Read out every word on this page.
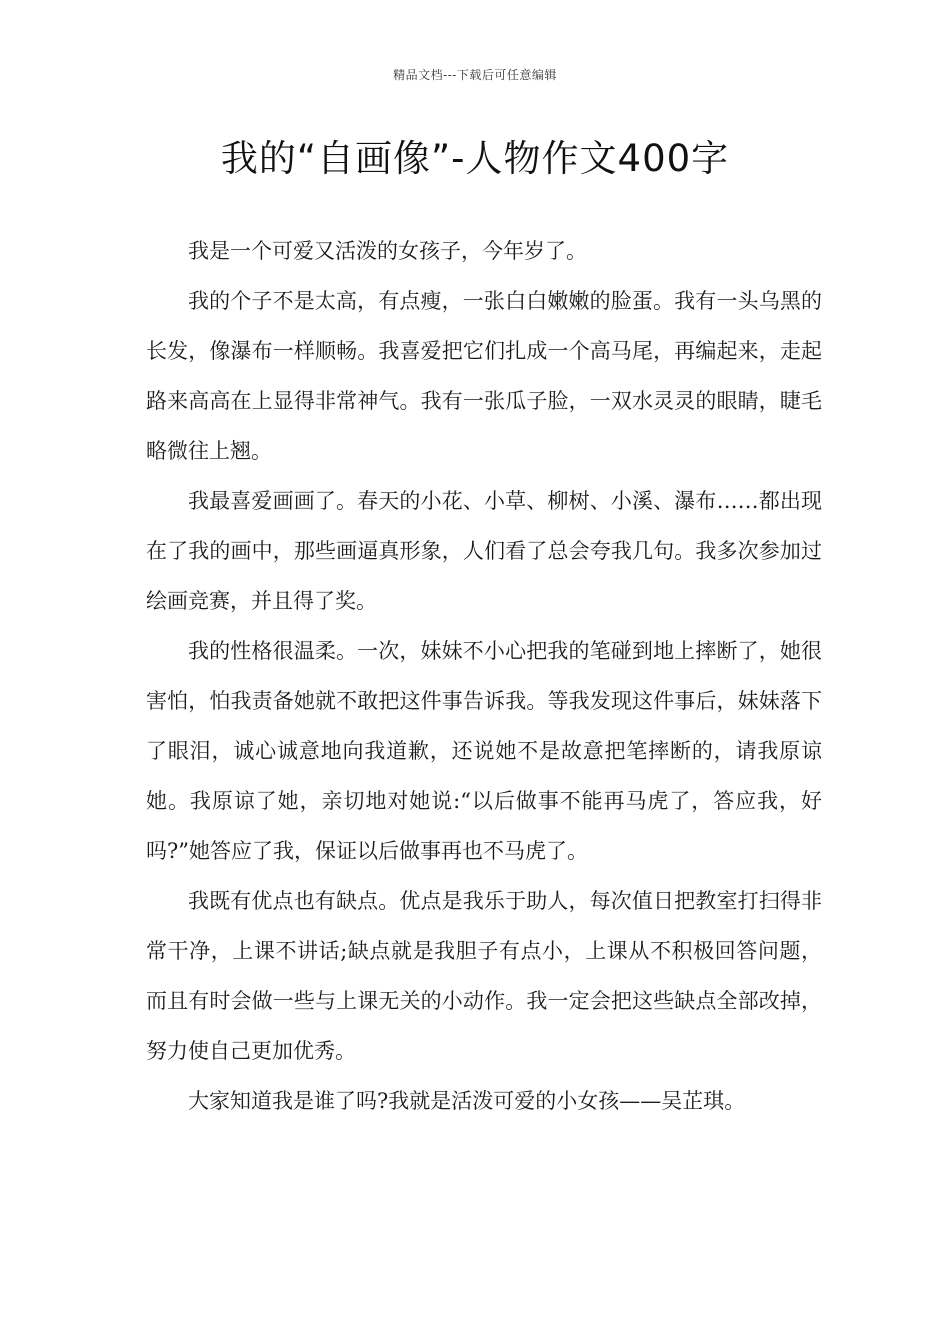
精品文档---下载后可任意编辑
我的“自画像”-人物作文400字

我是一个可爱又活泼的女孩子，今年岁了。

我的个子不是太高，有点瘦，一张白白嫩嫩的脸蛋。我有一头乌黑的长发，像瀑布一样顺畅。我喜爱把它们扎成一个高马尾，再编起来，走起路来高高在上显得非常神气。我有一张瓜子脸，一双水灵灵的眼睛，睫毛略微往上翘。

我最喜爱画画了。春天的小花、小草、柳树、小溪、瀑布……都出现在了我的画中，那些画逼真形象，人们看了总会夸我几句。我多次参加过绘画竞赛，并且得了奖。

我的性格很温柔。一次，妹妹不小心把我的笔碰到地上摔断了，她很害怕，怕我责备她就不敢把这件事告诉我。等我发现这件事后，妹妹落下了眼泪，诚心诚意地向我道歉，还说她不是故意把笔摔断的，请我原谅她。我原谅了她，亲切地对她说:“以后做事不能再马虎了，答应我，好吗?”她答应了我，保证以后做事再也不马虎了。

我既有优点也有缺点。优点是我乐于助人，每次值日把教室打扫得非常干净，上课不讲话;缺点就是我胆子有点小，上课从不积极回答问题，而且有时会做一些与上课无关的小动作。我一定会把这些缺点全部改掉，努力使自己更加优秀。

大家知道我是谁了吗?我就是活泼可爱的小女孩——吴芷琪。
